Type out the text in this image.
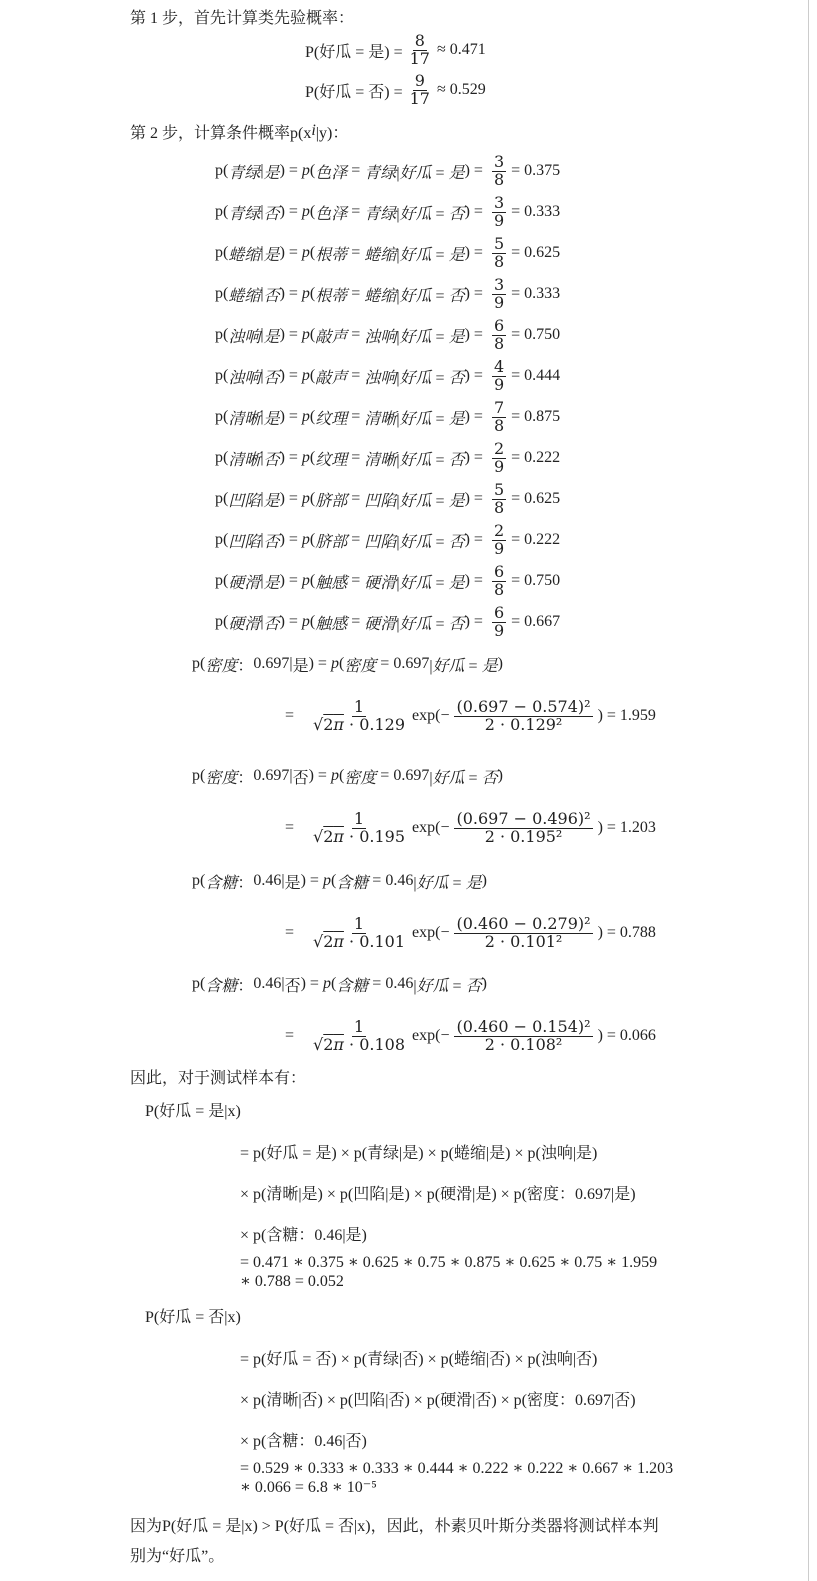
第 1 步，首先计算类先验概率：
P(好瓜 = 是) = $\frac{8}{17} \approx 0.471$
P(好瓜 = 否) = $\frac{9}{17} \approx 0.529$
第 2 步，计算条件概率p(x i |y)：
p( 青绿 | 是 ) = p( 色泽 = 青绿 |好瓜 = 是 ) = $\frac{3}{8} = 0.375$
p( 青绿 | 否 ) = p( 色泽 = 青绿 |好瓜 = 否 ) = $\frac{3}{9} = 0.333$
p( 蜷缩 | 是 ) = p( 根蒂 = 蜷缩 |好瓜 = 是 ) = $\frac{5}{8} = 0.625$
p( 蜷缩 | 否 ) = p( 根蒂 = 蜷缩 |好瓜 = 否 ) = $\frac{3}{9} = 0.333$
p( 浊响 | 是 ) = p( 敲声 = 浊响 |好瓜 = 是 ) = $\frac{6}{8} = 0.750$
p( 浊响 | 否 ) = p( 敲声 = 浊响 |好瓜 = 否 ) = $\frac{4}{9} = 0.444$
p( 清晰 | 是 ) = p( 纹理 = 清晰 |好瓜 = 是 ) = $\frac{7}{8} = 0.875$
p( 清晰 | 否 ) = p( 纹理 = 清晰 |好瓜 = 否 ) = $\frac{2}{9} = 0.222$
p( 凹陷 | 是 ) = p( 脐部 = 凹陷 |好瓜 = 是 ) = $\frac{5}{8} = 0.625$
p( 凹陷 | 否 ) = p( 脐部 = 凹陷 |好瓜 = 否 ) = $\frac{2}{9} = 0.222$
p( 硬滑 | 是 ) = p( 触感 = 硬滑 |好瓜 = 是 ) = $\frac{6}{8} = 0.750$
p( 硬滑 | 否 ) = p( 触感 = 硬滑 |好瓜 = 否 ) = $\frac{6}{9} = 0.667$
p( 密度 ： 0.697 | 是 ) = p( 密度 = 0.697 |好瓜 = 是 )
= $\frac{1}{√2\pi \cdot 0.129} \exp(- \frac{\text{(0.697 − 0.574)²}}{\text{2 · 0.129²}}$ ) = 1.959
p( 密度 ： 0.697 | 否 ) = p( 密度 = 0.697 |好瓜 = 否 )
= $\frac{1}{√2\pi \cdot 0.195} \exp(- \frac{\text{(0.697 − 0.496)²}}{\text{2 · 0.195²}}$ ) = 1.203
p( 含糖 ： 0.46 | 是 ) = p( 含糖 = 0.46 |好瓜 = 是 )
= $\frac{1}{√2\pi \cdot 0.101} \exp(- \frac{\text{(0.460 − 0.279)²}}{\text{2 · 0.101²}}$ ) = 0.788
p( 含糖 ： 0.46 | 否 ) = p( 含糖 = 0.46 |好瓜 = 否 )
= $\frac{1}{√2\pi \cdot 0.108} \exp(- \frac{\text{(0.460 − 0.154)²}}{\text{2 · 0.108²}}$ ) = 0.066
因此，对于测试样本有：
P(好瓜 = 是|x)
= p(好瓜 = 是) × p(青绿|是) × p(蜷缩|是) × p(浊响|是)
× p(清晰|是) × p(凹陷|是) × p(硬滑|是) × p(密度：0.697|是)
× p(含糖：0.46|是)
= 0.471 ∗ 0.375 ∗ 0.625 ∗ 0.75 ∗ 0.875 ∗ 0.625 ∗ 0.75 ∗ 1.959
∗ 0.788 = 0.052
P(好瓜 = 否|x)
= p(好瓜 = 否) × p(青绿|否) × p(蜷缩|否) × p(浊响|否)
× p(清晰|否) × p(凹陷|否) × p(硬滑|否) × p(密度：0.697|否)
× p(含糖：0.46|否)
= 0.529 ∗ 0.333 ∗ 0.333 ∗ 0.444 ∗ 0.222 ∗ 0.222 ∗ 0.667 ∗ 1.203
∗ 0.066 = 6.8 ∗ 10⁻⁵
因为P(好瓜 = 是|x) > P(好瓜 = 否|x)，因此，朴素贝叶斯分类器将测试样本判
别为“好瓜”。
